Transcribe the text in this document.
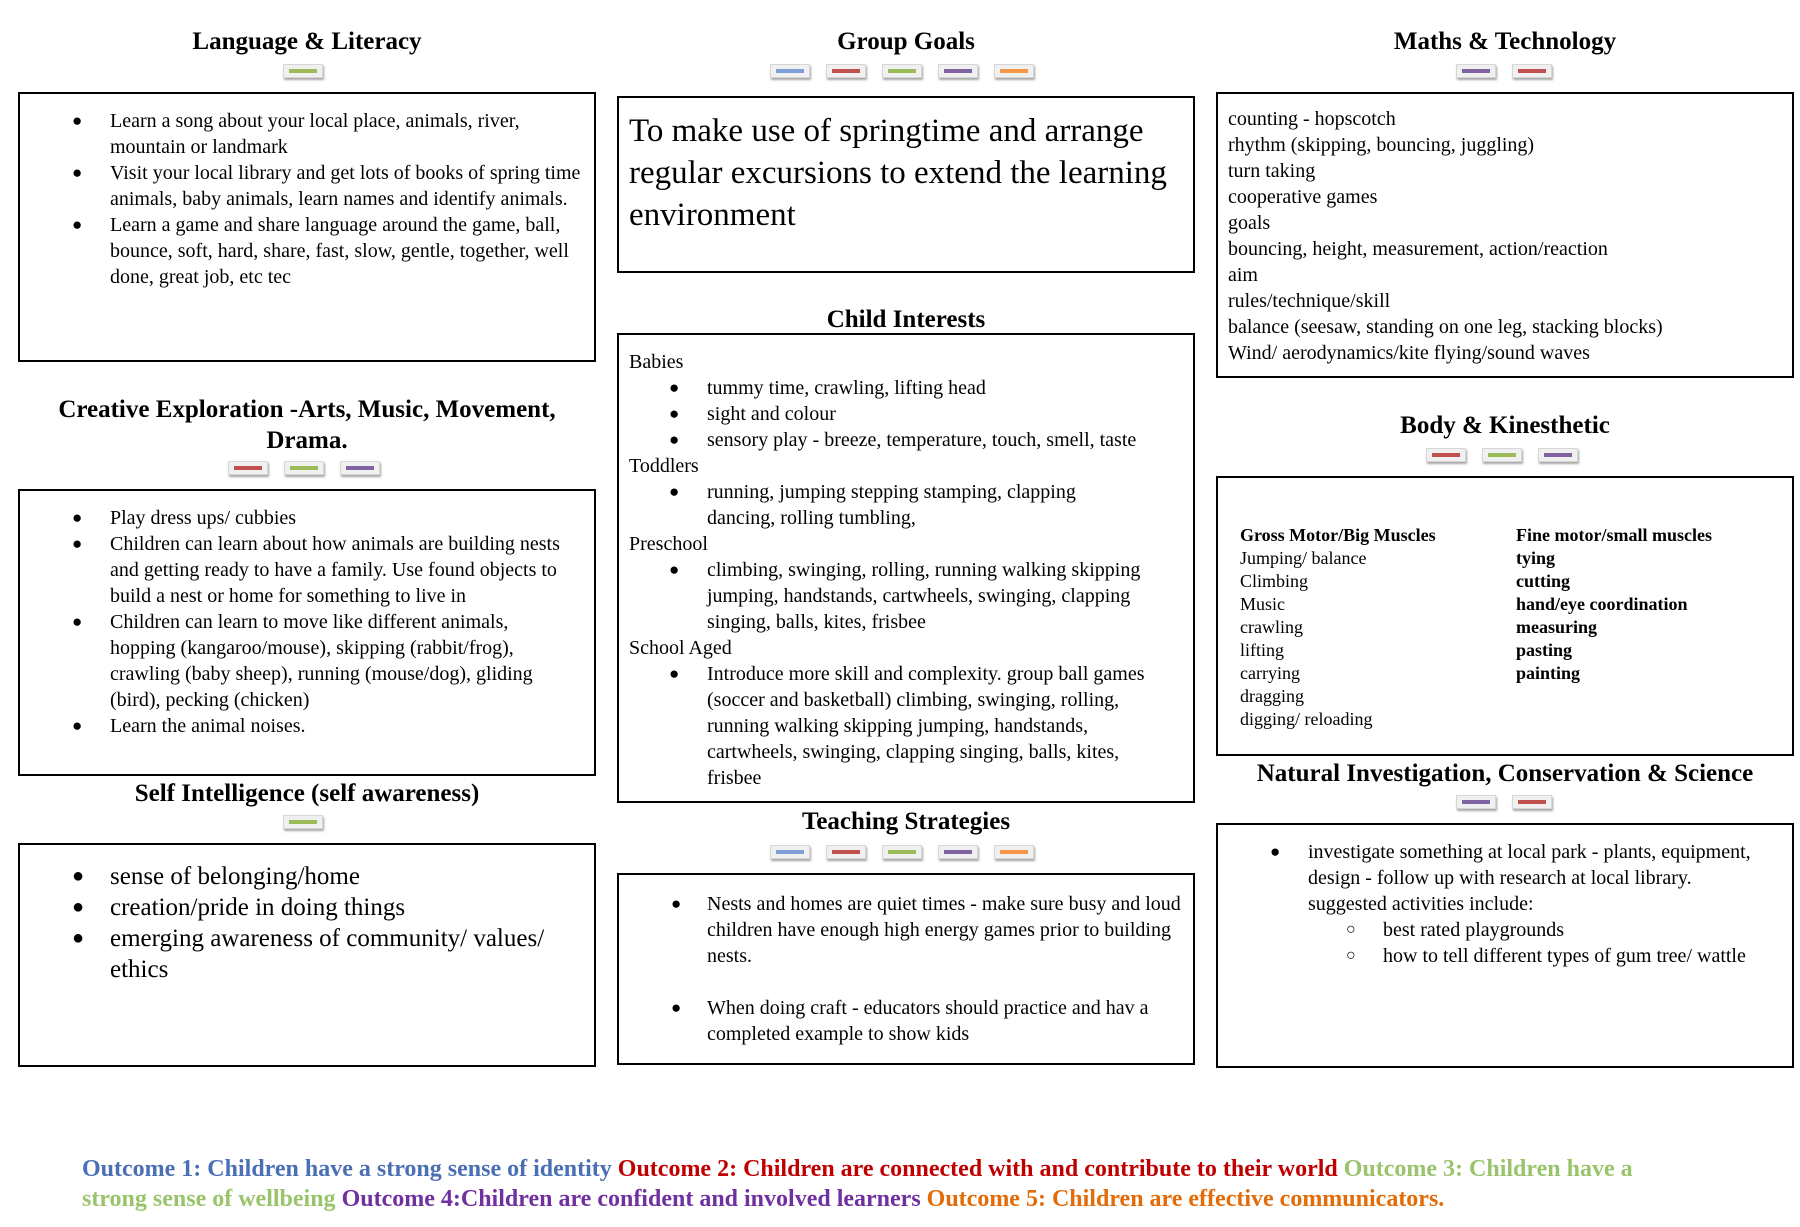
Language & Literacy
● Learn a song about your local place, animals, river, mountain or landmark
● Visit your local library and get lots of books of spring time animals, baby animals, learn names and identify animals.
● Learn a game and share language around the game, ball, bounce, soft, hard, share, fast, slow, gentle, together, well done, great job, etc tec
Creative Exploration -Arts, Music, Movement, Drama.
● Play dress ups/ cubbies
● Children can learn about how animals are building nests and getting ready to have a family. Use found objects to build a nest or home for something to live in
● Children can learn to move like different animals, hopping (kangaroo/mouse), skipping (rabbit/frog), crawling (baby sheep), running (mouse/dog), gliding (bird), pecking (chicken)
● Learn the animal noises.
Self Intelligence (self awareness)
● sense of belonging/home
● creation/pride in doing things
● emerging awareness of community/ values/ ethics
Group Goals
To make use of springtime and arrange regular excursions to extend the learning environment
Child Interests
Babies
● tummy time, crawling, lifting head
● sight and colour
● sensory play - breeze, temperature, touch, smell, taste
Toddlers
● running, jumping stepping stamping, clapping dancing, rolling tumbling,
Preschool
● climbing, swinging, rolling, running walking skipping jumping, handstands, cartwheels, swinging, clapping singing, balls, kites, frisbee
School Aged
● Introduce more skill and complexity. group ball games (soccer and basketball) climbing, swinging, rolling, running walking skipping jumping, handstands, cartwheels, swinging, clapping singing, balls, kites, frisbee
Teaching Strategies
● Nests and homes are quiet times - make sure busy and loud children have enough high energy games prior to building nests.
● When doing craft - educators should practice and hav a completed example to show kids
Maths & Technology
counting - hopscotch
rhythm (skipping, bouncing, juggling)
turn taking
cooperative games
goals
bouncing, height, measurement, action/reaction
aim
rules/technique/skill
balance (seesaw, standing on one leg, stacking blocks)
Wind/ aerodynamics/kite flying/sound waves
Body & Kinesthetic
Gross Motor/Big Muscles
Jumping/ balance
Climbing
Music
crawling
lifting
carrying
dragging
digging/ reloading
Fine motor/small muscles
tying
cutting
hand/eye coordination
measuring
pasting
painting
Natural Investigation, Conservation & Science
● investigate something at local park - plants, equipment, design - follow up with research at local library. suggested activities include:
○ best rated playgrounds
○ how to tell different types of gum tree/ wattle
Outcome 1: Children have a strong sense of identity Outcome 2: Children are connected with and contribute to their world Outcome 3: Children have a strong sense of wellbeing Outcome 4:Children are confident and involved learners Outcome 5: Children are effective communicators.
